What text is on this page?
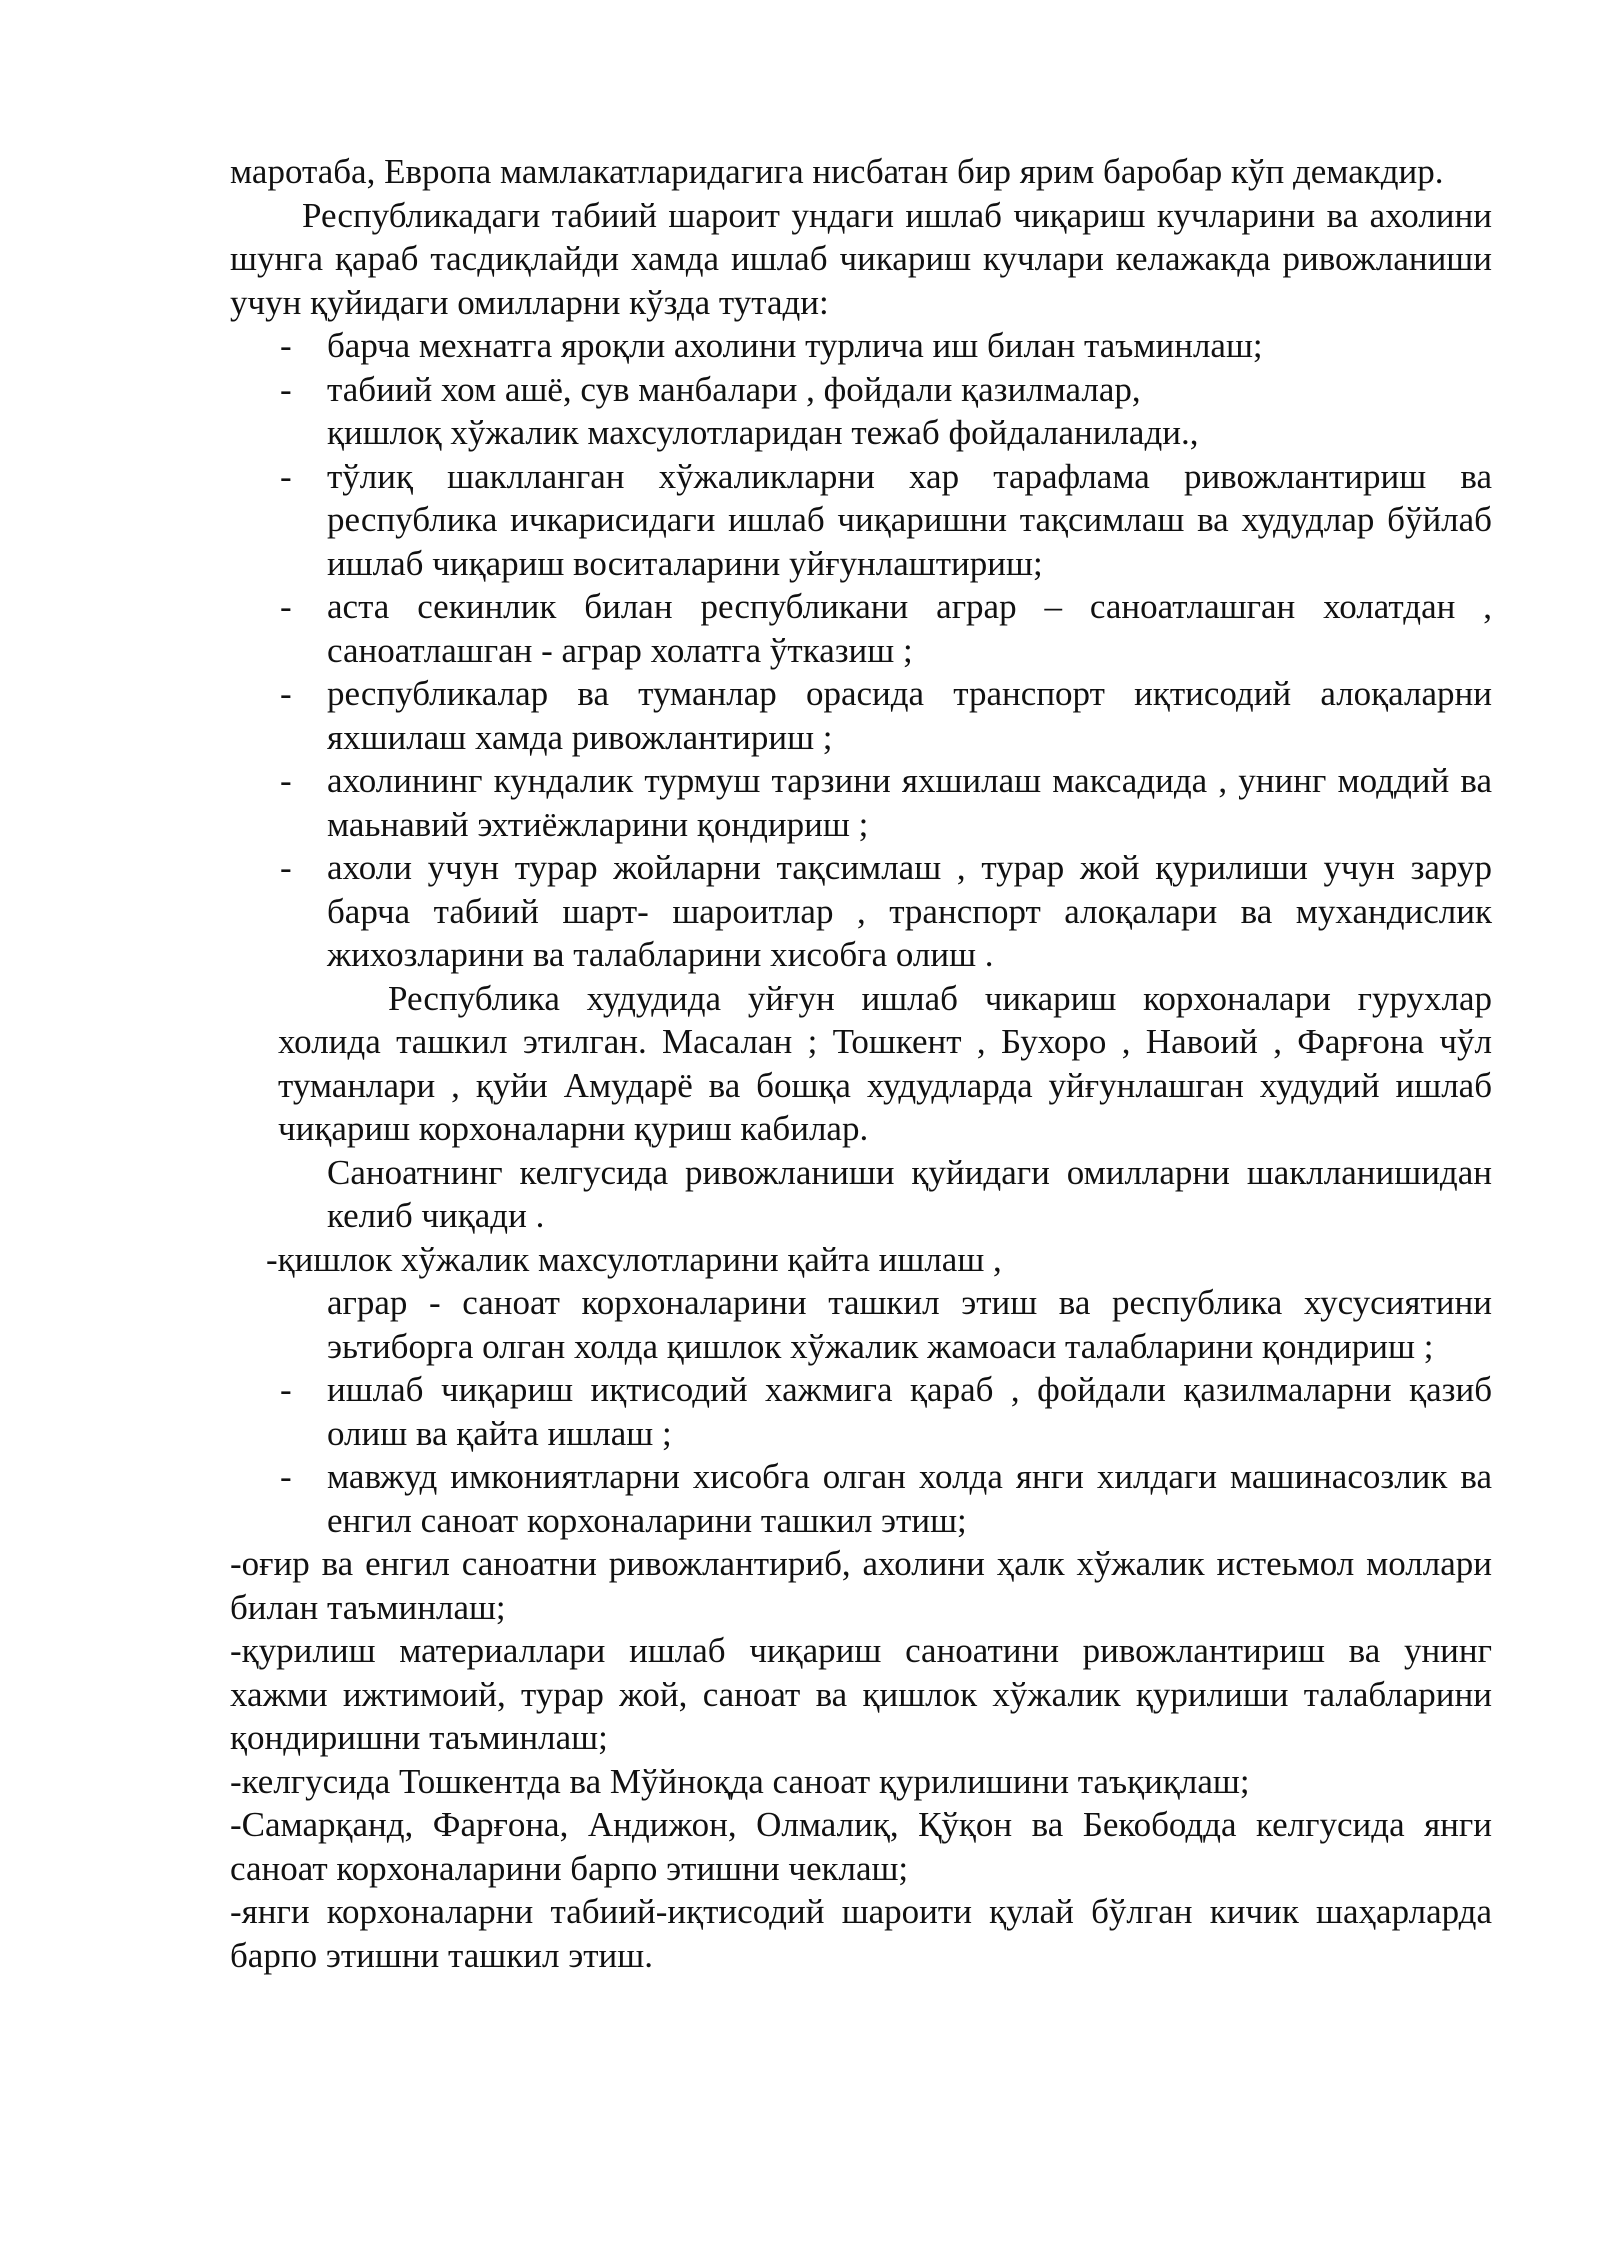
маротаба, Европа мамлакатларидагига нисбатан бир ярим баробар кўп демакдир.

Республикадаги табиий шароит ундаги ишлаб чиқариш кучларини ва ахолини шунга қараб тасдиқлайди хамда ишлаб чикариш кучлари келажакда ривожланиши учун қуйидаги омилларни кўзда тутади:

- барча мехнатга яроқли ахолини турлича иш билан таъминлаш;
- табиий хом ашё, сув манбалари , фойдали қазилмалар,
қишлоқ хўжалик махсулотларидан тежаб фойдаланилади.,
- тўлиқ шаклланган хўжаликларни хар тарафлама ривожлантириш ва республика ичкарисидаги ишлаб чиқаришни тақсимлаш ва худудлар бўйлаб ишлаб чиқариш воситаларини уйғунлаштириш;
- аста секинлик билан республикани аграр – саноатлашган холатдан , саноатлашган - аграр холатга ўтказиш ;
- республикалар ва туманлар орасида транспорт иқтисодий алоқаларни яхшилаш хамда ривожлантириш ;
- ахолининг кундалик турмуш тарзини яхшилаш максадида , унинг моддий ва маьнавий эхтиёжларини қондириш ;
- ахоли учун турар жойларни тақсимлаш , турар жой қурилиши учун зарур барча табиий шарт- шароитлар , транспорт алоқалари ва мухандислик жихозларини ва талабларини хисобга олиш .

Республика худудида уйғун ишлаб чикариш корхоналари гурухлар холида ташкил этилган. Масалан ; Тошкент , Бухоро , Навоий , Фарғона чўл туманлари , қуйи Амударё ва бошқа худудларда уйғунлашган худудий ишлаб чиқариш корхоналарни қуриш кабилар.

Саноатнинг келгусида ривожланиши қуйидаги омилларни шаклланишидан келиб чиқади .

-қишлок хўжалик махсулотларини қайта ишлаш ,

аграр - саноат корхоналарини ташкил этиш ва республика хусусиятини эьтиборга олган холда қишлок хўжалик жамоаси талабларини қондириш ;

- ишлаб чиқариш иқтисодий хажмига қараб , фойдали қазилмаларни қазиб олиш ва қайта ишлаш ;
- мавжуд имкониятларни хисобга олган холда янги хилдаги машинасозлик ва енгил саноат корхоналарини ташкил этиш;

-оғир ва енгил саноатни ривожлантириб, ахолини ҳалк хўжалик истеьмол моллари билан таъминлаш;

-қурилиш материаллари ишлаб чиқариш саноатини ривожлантириш ва унинг хажми ижтимоий, турар жой, саноат ва қишлок хўжалик қурилиши талабларини қондиришни таъминлаш;

-келгусида Тошкентда ва Мўйноқда саноат қурилишини таъқиқлаш;

-Самарқанд, Фарғона, Андижон, Олмалиқ, Қўқон ва Бекободда келгусида янги саноат корхоналарини барпо этишни чеклаш;

-янги корхоналарни табиий-иқтисодий шароити қулай бўлган кичик шаҳарларда барпо этишни ташкил этиш.
